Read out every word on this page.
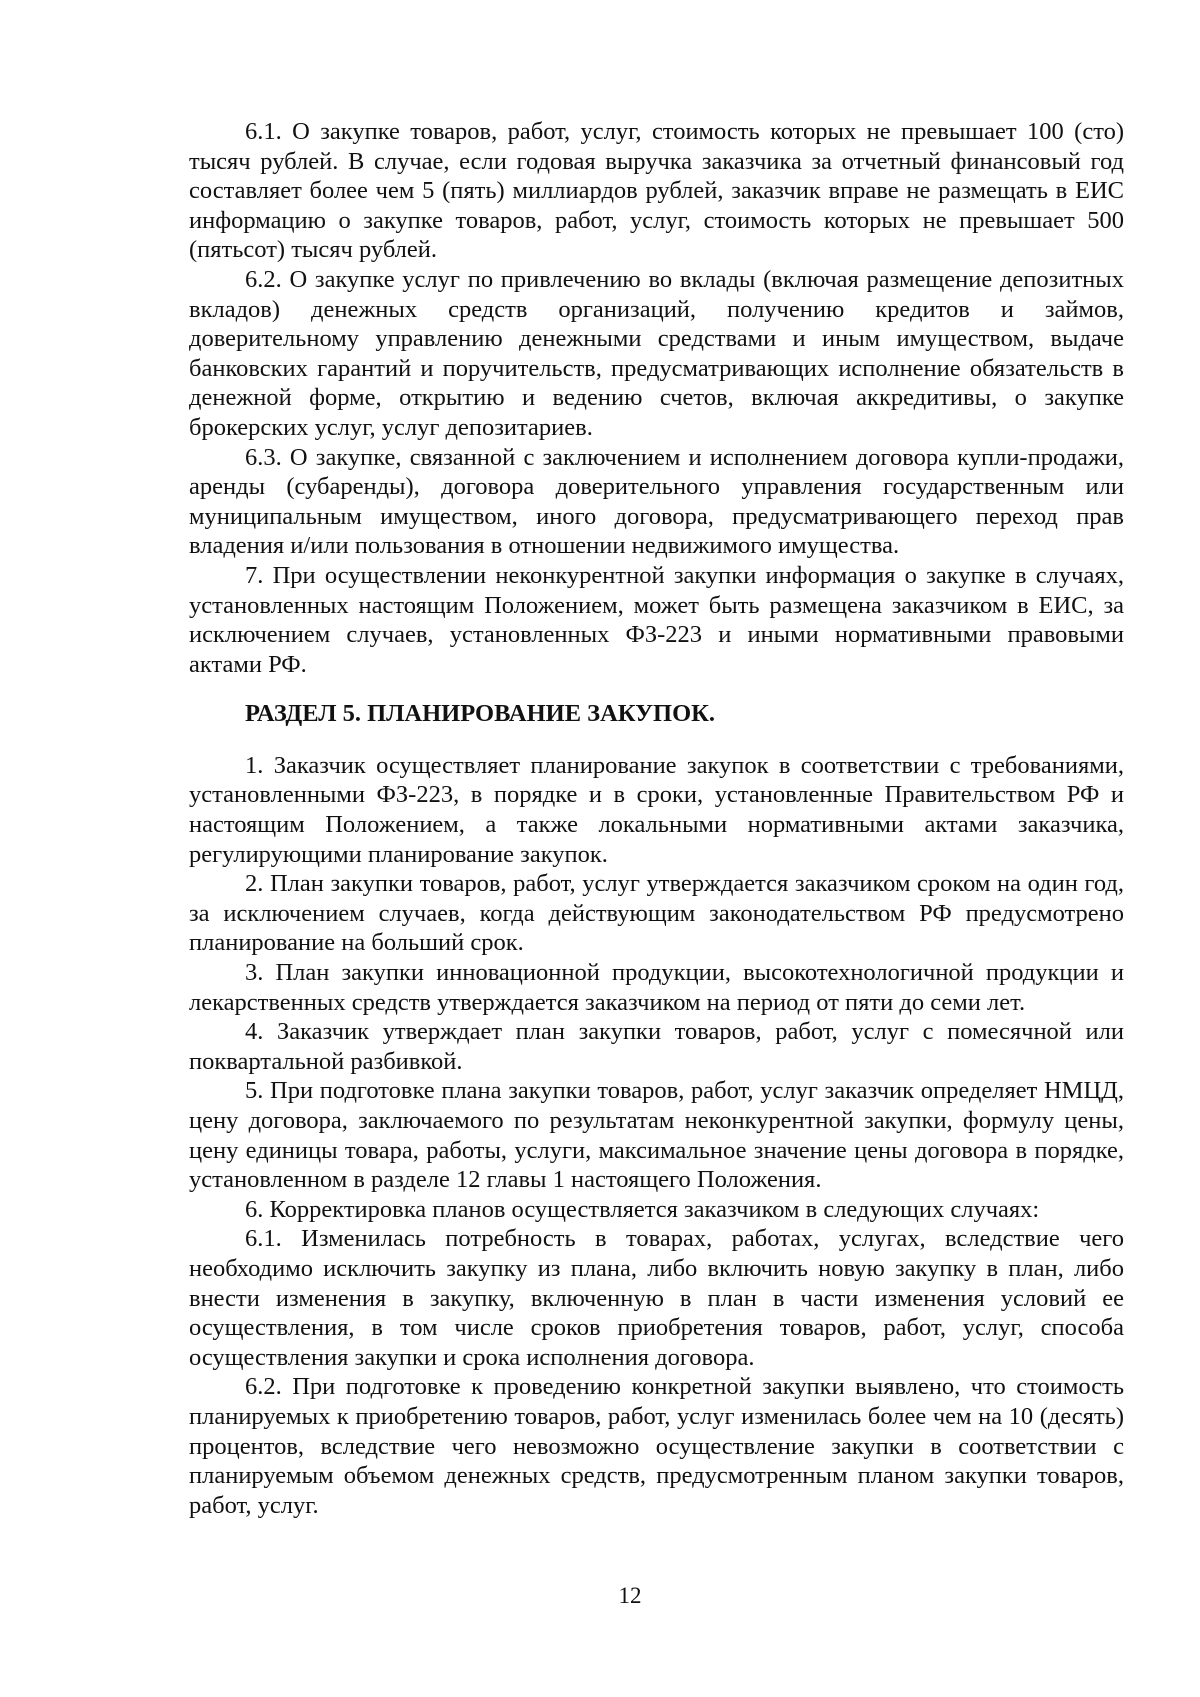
6.1. О закупке товаров, работ, услуг, стоимость которых не превышает 100 (сто) тысяч рублей. В случае, если годовая выручка заказчика за отчетный финансовый год составляет более чем 5 (пять) миллиардов рублей, заказчик вправе не размещать в ЕИС информацию о закупке товаров, работ, услуг, стоимость которых не превышает 500 (пятьсот) тысяч рублей.

6.2. О закупке услуг по привлечению во вклады (включая размещение депозитных вкладов) денежных средств организаций, получению кредитов и займов, доверительному управлению денежными средствами и иным имуществом, выдаче банковских гарантий и поручительств, предусматривающих исполнение обязательств в денежной форме, открытию и ведению счетов, включая аккредитивы, о закупке брокерских услуг, услуг депозитариев.

6.3. О закупке, связанной с заключением и исполнением договора купли-продажи, аренды (субаренды), договора доверительного управления государственным или муниципальным имуществом, иного договора, предусматривающего переход прав владения и/или пользования в отношении недвижимого имущества.

7. При осуществлении неконкурентной закупки информация о закупке в случаях, установленных настоящим Положением, может быть размещена заказчиком в ЕИС, за исключением случаев, установленных ФЗ-223 и иными нормативными правовыми актами РФ.

РАЗДЕЛ 5. ПЛАНИРОВАНИЕ ЗАКУПОК.

1. Заказчик осуществляет планирование закупок в соответствии с требованиями, установленными ФЗ-223, в порядке и в сроки, установленные Правительством РФ и настоящим Положением, а также локальными нормативными актами заказчика, регулирующими планирование закупок.

2. План закупки товаров, работ, услуг утверждается заказчиком сроком на один год, за исключением случаев, когда действующим законодательством РФ предусмотрено планирование на больший срок.

3. План закупки инновационной продукции, высокотехнологичной продукции и лекарственных средств утверждается заказчиком на период от пяти до семи лет.

4. Заказчик утверждает план закупки товаров, работ, услуг с помесячной или поквартальной разбивкой.

5. При подготовке плана закупки товаров, работ, услуг заказчик определяет НМЦД, цену договора, заключаемого по результатам неконкурентной закупки, формулу цены, цену единицы товара, работы, услуги, максимальное значение цены договора в порядке, установленном в разделе 12 главы 1 настоящего Положения.

6. Корректировка планов осуществляется заказчиком в следующих случаях:

6.1. Изменилась потребность в товарах, работах, услугах, вследствие чего необходимо исключить закупку из плана, либо включить новую закупку в план, либо внести изменения в закупку, включенную в план в части изменения условий ее осуществления, в том числе сроков приобретения товаров, работ, услуг, способа осуществления закупки и срока исполнения договора.

6.2. При подготовке к проведению конкретной закупки выявлено, что стоимость планируемых к приобретению товаров, работ, услуг изменилась более чем на 10 (десять) процентов, вследствие чего невозможно осуществление закупки в соответствии с планируемым объемом денежных средств, предусмотренным планом закупки товаров, работ, услуг.

12
